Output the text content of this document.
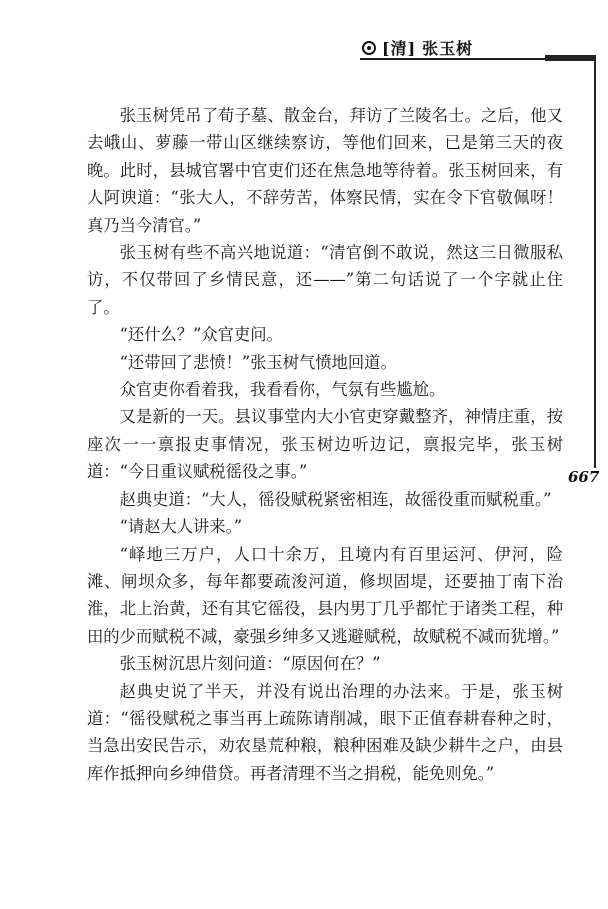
[清] 张玉树
667

张玉树凭吊了荀子墓、散金台，拜访了兰陵名士。之后，他又去峨山、萝藤一带山区继续察访，等他们回来，已是第三天的夜晚。此时，县城官署中官吏们还在焦急地等待着。张玉树回来，有人阿谀道：“张大人，不辞劳苦，体察民情，实在令下官敬佩呀！真乃当今清官。”

张玉树有些不高兴地说道：“清官倒不敢说，然这三日微服私访，不仅带回了乡情民意，还——”第二句话说了一个字就止住了。

“还什么？”众官吏问。

“还带回了悲愤！”张玉树气愤地回道。

众官吏你看着我，我看看你，气氛有些尴尬。

又是新的一天。县议事堂内大小官吏穿戴整齐，神情庄重，按座次一一禀报吏事情况，张玉树边听边记，禀报完毕，张玉树道：“今日重议赋税徭役之事。”

赵典史道：“大人，徭役赋税紧密相连，故徭役重而赋税重。”

“请赵大人讲来。”

“峄地三万户，人口十余万，且境内有百里运河、伊河，险滩、闸坝众多，每年都要疏浚河道，修坝固堤，还要抽丁南下治淮，北上治黄，还有其它徭役，县内男丁几乎都忙于诸类工程，种田的少而赋税不减，豪强乡绅多又逃避赋税，故赋税不减而犹增。”

张玉树沉思片刻问道：“原因何在？”

赵典史说了半天，并没有说出治理的办法来。于是，张玉树道：“徭役赋税之事当再上疏陈请削减，眼下正值春耕春种之时，当急出安民告示，劝农垦荒种粮，粮种困难及缺少耕牛之户，由县库作抵押向乡绅借贷。再者清理不当之捐税，能免则免。”
